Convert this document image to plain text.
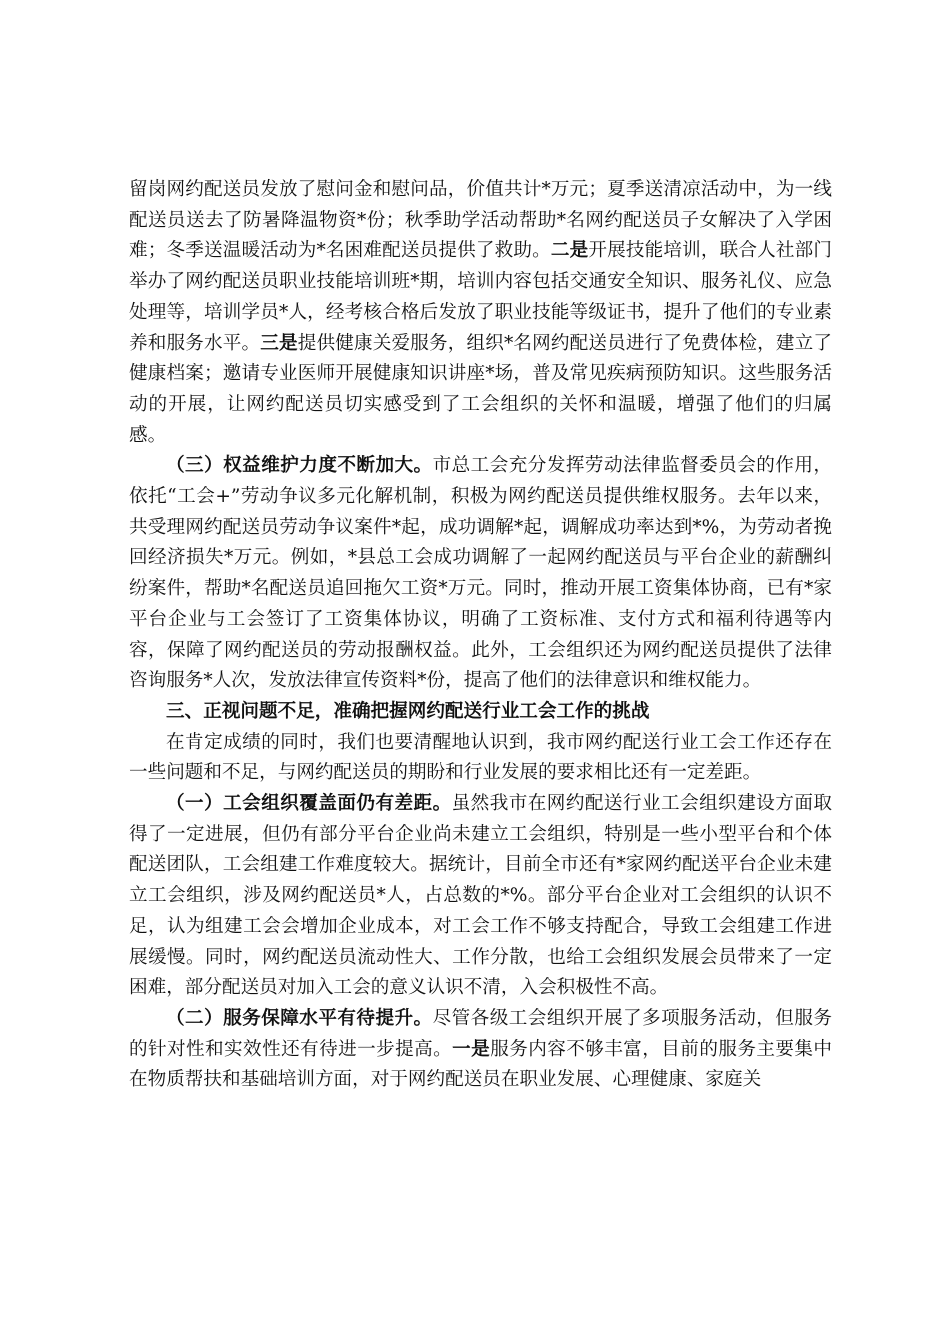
留岗网约配送员发放了慰问金和慰问品，价值共计*万元；夏季送清凉活动中，为一线配送员送去了防暑降温物资*份；秋季助学活动帮助*名网约配送员子女解决了入学困难；冬季送温暖活动为*名困难配送员提供了救助。二是开展技能培训，联合人社部门举办了网约配送员职业技能培训班*期，培训内容包括交通安全知识、服务礼仪、应急处理等，培训学员*人，经考核合格后发放了职业技能等级证书，提升了他们的专业素养和服务水平。三是提供健康关爱服务，组织*名网约配送员进行了免费体检，建立了健康档案；邀请专业医师开展健康知识讲座*场，普及常见疾病预防知识。这些服务活动的开展，让网约配送员切实感受到了工会组织的关怀和温暖，增强了他们的归属感。

（三）权益维护力度不断加大。市总工会充分发挥劳动法律监督委员会的作用，依托“工会+”劳动争议多元化解机制，积极为网约配送员提供维权服务。去年以来，共受理网约配送员劳动争议案件*起，成功调解*起，调解成功率达到*%，为劳动者挽回经济损失*万元。例如，*县总工会成功调解了一起网约配送员与平台企业的薪酬纠纷案件，帮助*名配送员追回拖欠工资*万元。同时，推动开展工资集体协商，已有*家平台企业与工会签订了工资集体协议，明确了工资标准、支付方式和福利待遇等内容，保障了网约配送员的劳动报酬权益。此外，工会组织还为网约配送员提供了法律咨询服务*人次，发放法律宣传资料*份，提高了他们的法律意识和维权能力。

三、正视问题不足，准确把握网约配送行业工会工作的挑战

在肯定成绩的同时，我们也要清醒地认识到，我市网约配送行业工会工作还存在一些问题和不足，与网约配送员的期盼和行业发展的要求相比还有一定差距。

（一）工会组织覆盖面仍有差距。虽然我市在网约配送行业工会组织建设方面取得了一定进展，但仍有部分平台企业尚未建立工会组织，特别是一些小型平台和个体配送团队，工会组建工作难度较大。据统计，目前全市还有*家网约配送平台企业未建立工会组织，涉及网约配送员*人，占总数的*%。部分平台企业对工会组织的认识不足，认为组建工会会增加企业成本，对工会工作不够支持配合，导致工会组建工作进展缓慢。同时，网约配送员流动性大、工作分散，也给工会组织发展会员带来了一定困难，部分配送员对加入工会的意义认识不清，入会积极性不高。

（二）服务保障水平有待提升。尽管各级工会组织开展了多项服务活动，但服务的针对性和实效性还有待进一步提高。一是服务内容不够丰富，目前的服务主要集中在物质帮扶和基础培训方面，对于网约配送员在职业发展、心理健康、家庭关
